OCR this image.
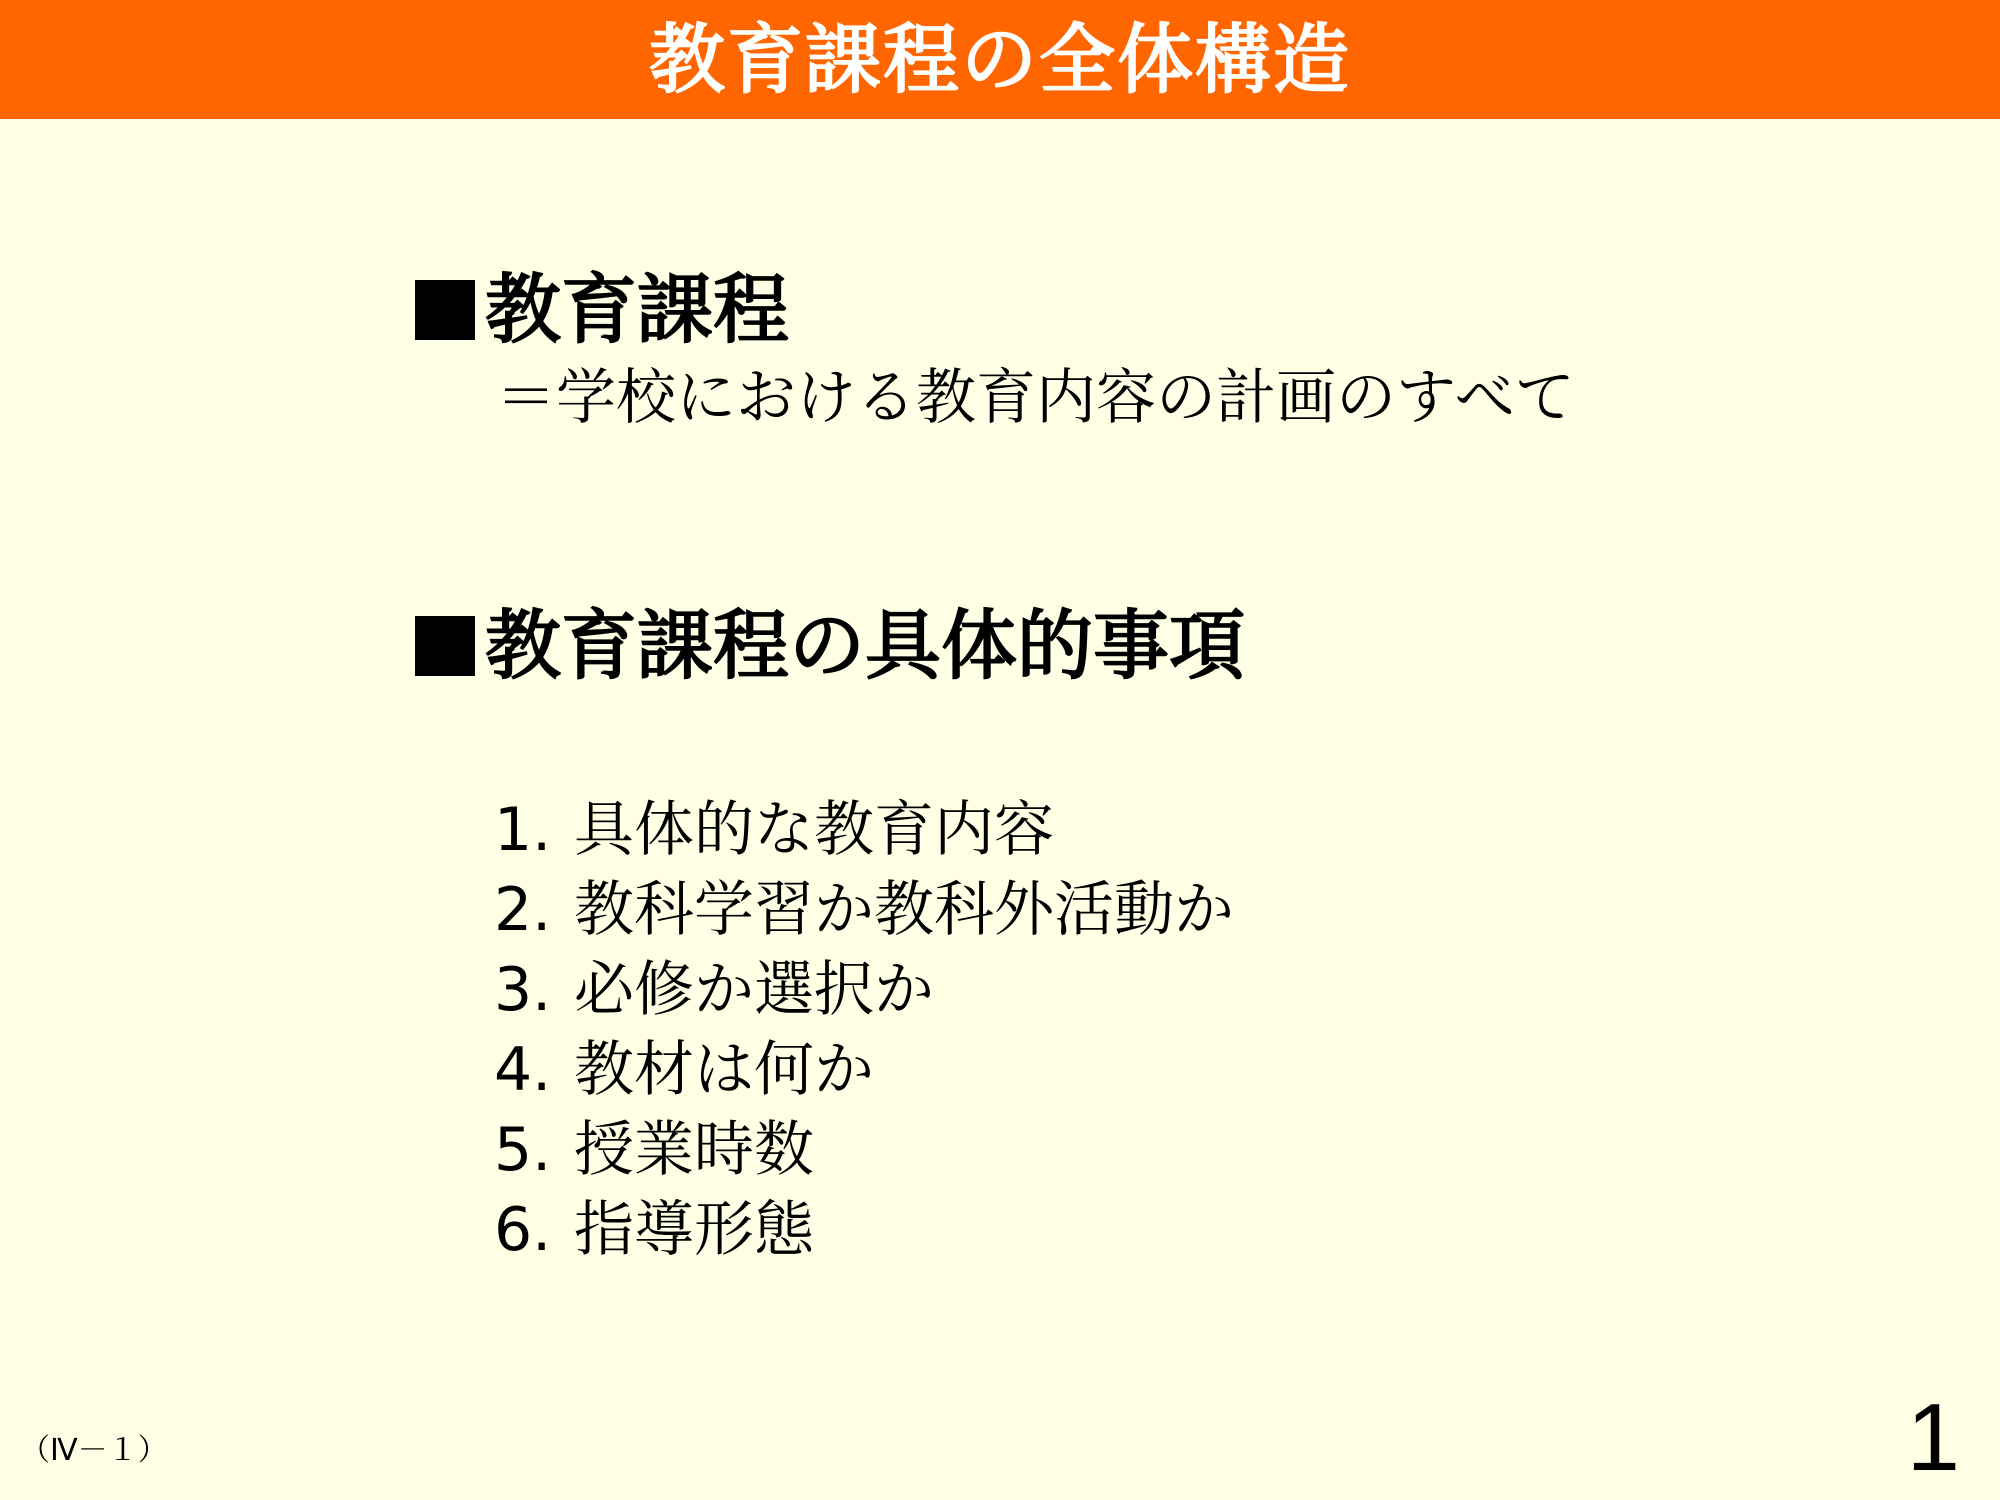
教育課程の全体構造
教育課程
＝学校における教育内容の計画のすべて
教育課程の具体的事項
1. 具体的な教育内容
2. 教科学習か教科外活動か
3. 必修か選択か
4. 教材は何か
5. 授業時数
6. 指導形態
（Ⅳ－１）	1
